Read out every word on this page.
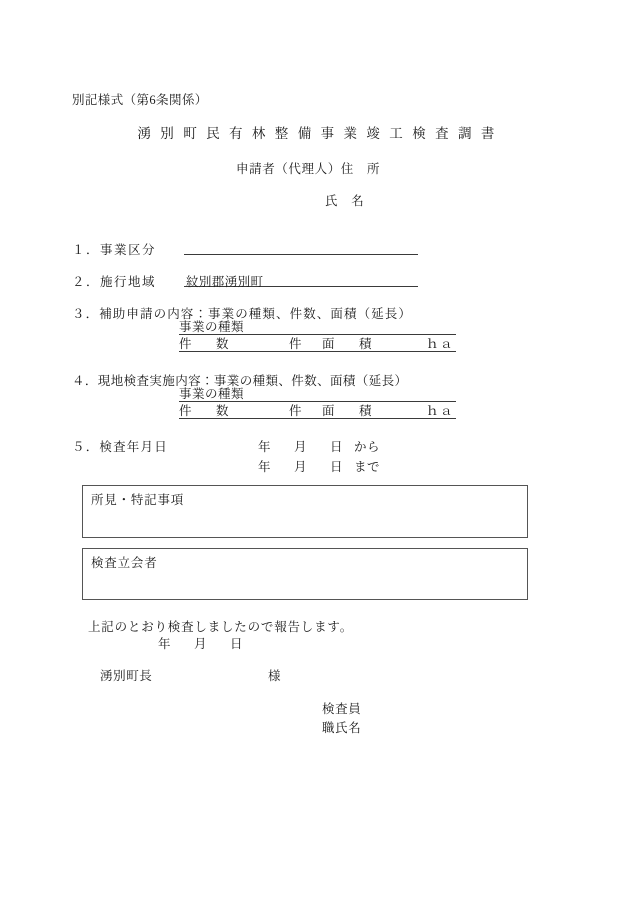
別記様式（第6条関係）
湧別町民有林整備事業竣工検査調書
申請者（代理人）住　所
氏　名
１．事業区分
２．施行地域 紋別郡湧別町
３．補助申請の内容：事業の種類、件数、面積（延長）
事業の種類
件　数	件 面　積	ｈａ
４．現地検査実施内容：事業の種類、件数、面積（延長）
事業の種類
件　数	件 面　積	ｈａ
５．検査年月日	年 月 日 から
年 月 日 まで
所見・特記事項
検査立会者
上記のとおり検査しましたので報告します。
年 月 日
湧別町長	様
検査員
職氏名
